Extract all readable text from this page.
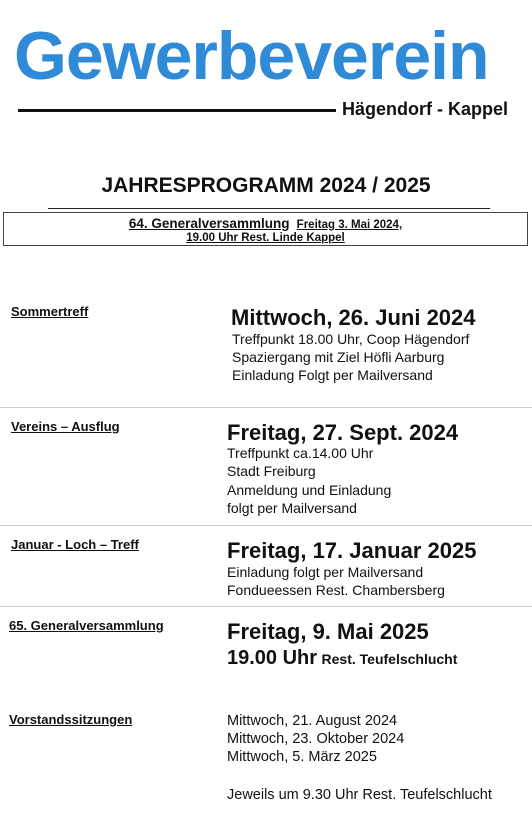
Gewerbeverein
Hägendorf - Kappel
JAHRESPROGRAMM 2024 / 2025
64. Generalversammlung Freitag 3. Mai 2024,
19.00 Uhr Rest. Linde Kappel
Sommertreff	Mittwoch, 26. Juni 2024
Treffpunkt 18.00 Uhr, Coop Hägendorf
Spaziergang mit Ziel Höfli Aarburg
Einladung Folgt per Mailversand
Vereins – Ausflug	Freitag, 27. Sept. 2024
Treffpunkt ca.14.00 Uhr
Stadt Freiburg
Anmeldung und Einladung
folgt per Mailversand
Januar - Loch – Treff	Freitag, 17. Januar 2025
Einladung folgt per Mailversand
Fondueessen Rest. Chambersberg
65. Generalversammlung	Freitag, 9. Mai 2025
19.00 Uhr Rest. Teufelschlucht
Vorstandssitzungen	Mittwoch, 21. August 2024
Mittwoch, 23. Oktober 2024
Mittwoch, 5. März 2025
Jeweils um 9.30 Uhr Rest. Teufelschlucht
